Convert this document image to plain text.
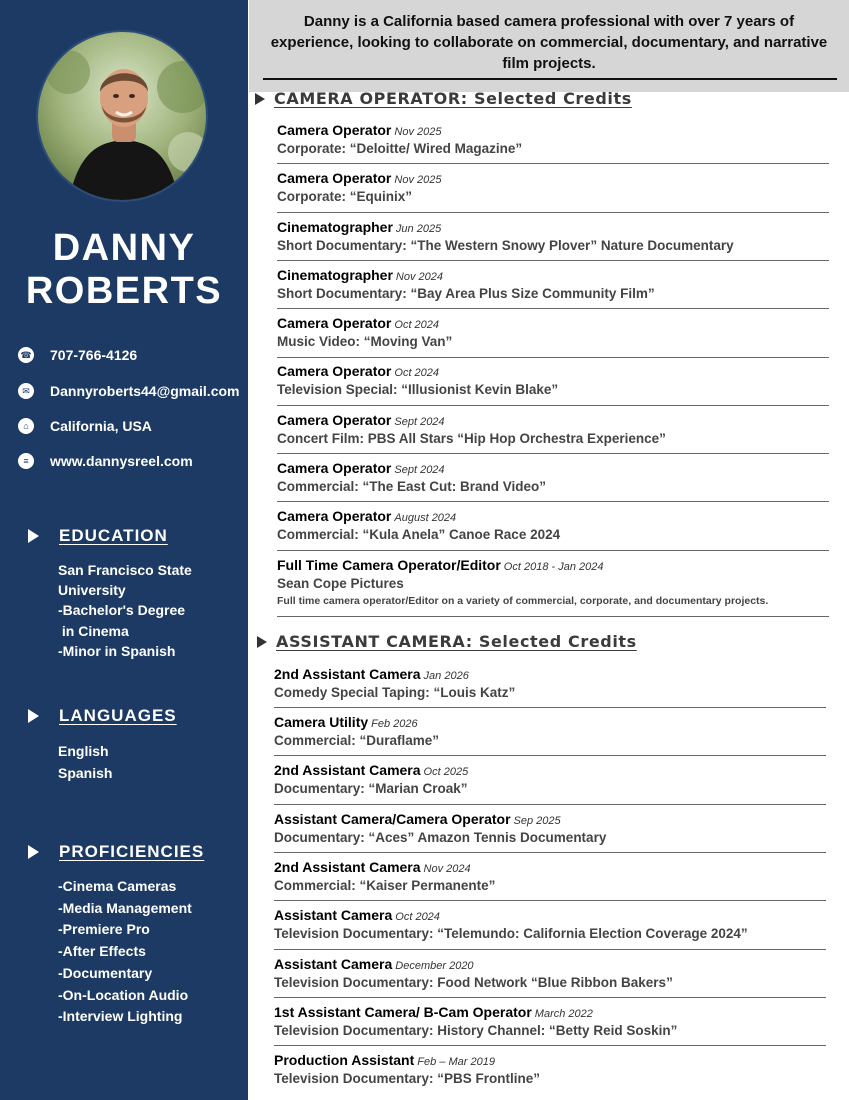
DANNY
ROBERTS
☎ 707-766-4126
✉	Dannyroberts44@gmail.com
⌂	California, USA
≡	www.dannysreel.com
EDUCATION
San Francisco State
University
-Bachelor's Degree
in Cinema
-Minor in Spanish
LANGUAGES
English
Spanish
PROFICIENCIES
-Cinema Cameras
-Media Management
-Premiere Pro
-After Effects
-Documentary
-On-Location Audio
-Interview Lighting
Danny is a California based camera professional with over 7 years of experience, looking to collaborate on commercial, documentary, and narrative film projects.
CAMERA OPERATOR: Selected Credits
Camera Operator Nov 2025
Corporate: “Deloitte/ Wired Magazine”
Camera Operator Nov 2025
Corporate: “Equinix”
Cinematographer Jun 2025
Short Documentary: “The Western Snowy Plover” Nature Documentary
Cinematographer Nov 2024
Short Documentary: “Bay Area Plus Size Community Film”
Camera Operator Oct 2024
Music Video: “Moving Van”
Camera Operator Oct 2024
Television Special: “Illusionist Kevin Blake”
Camera Operator Sept 2024
Concert Film: PBS All Stars “Hip Hop Orchestra Experience”
Camera Operator Sept 2024
Commercial: “The East Cut: Brand Video”
Camera Operator August 2024
Commercial: “Kula Anela” Canoe Race 2024
Full Time Camera Operator/Editor Oct 2018 - Jan 2024
Sean Cope Pictures
Full time camera operator/Editor on a variety of commercial, corporate, and documentary projects.
ASSISTANT CAMERA: Selected Credits
2nd Assistant Camera Jan 2026
Comedy Special Taping: “Louis Katz”
Camera Utility Feb 2026
Commercial: “Duraflame”
2nd Assistant Camera Oct 2025
Documentary: “Marian Croak”
Assistant Camera/Camera Operator Sep 2025
Documentary: “Aces” Amazon Tennis Documentary
2nd Assistant Camera Nov 2024
Commercial: “Kaiser Permanente”
Assistant Camera Oct 2024
Television Documentary: “Telemundo: California Election Coverage 2024”
Assistant Camera December 2020
Television Documentary: Food Network “Blue Ribbon Bakers”
1st Assistant Camera/ B-Cam Operator March 2022
Television Documentary: History Channel: “Betty Reid Soskin”
Production Assistant Feb – Mar 2019
Television Documentary: “PBS Frontline”
